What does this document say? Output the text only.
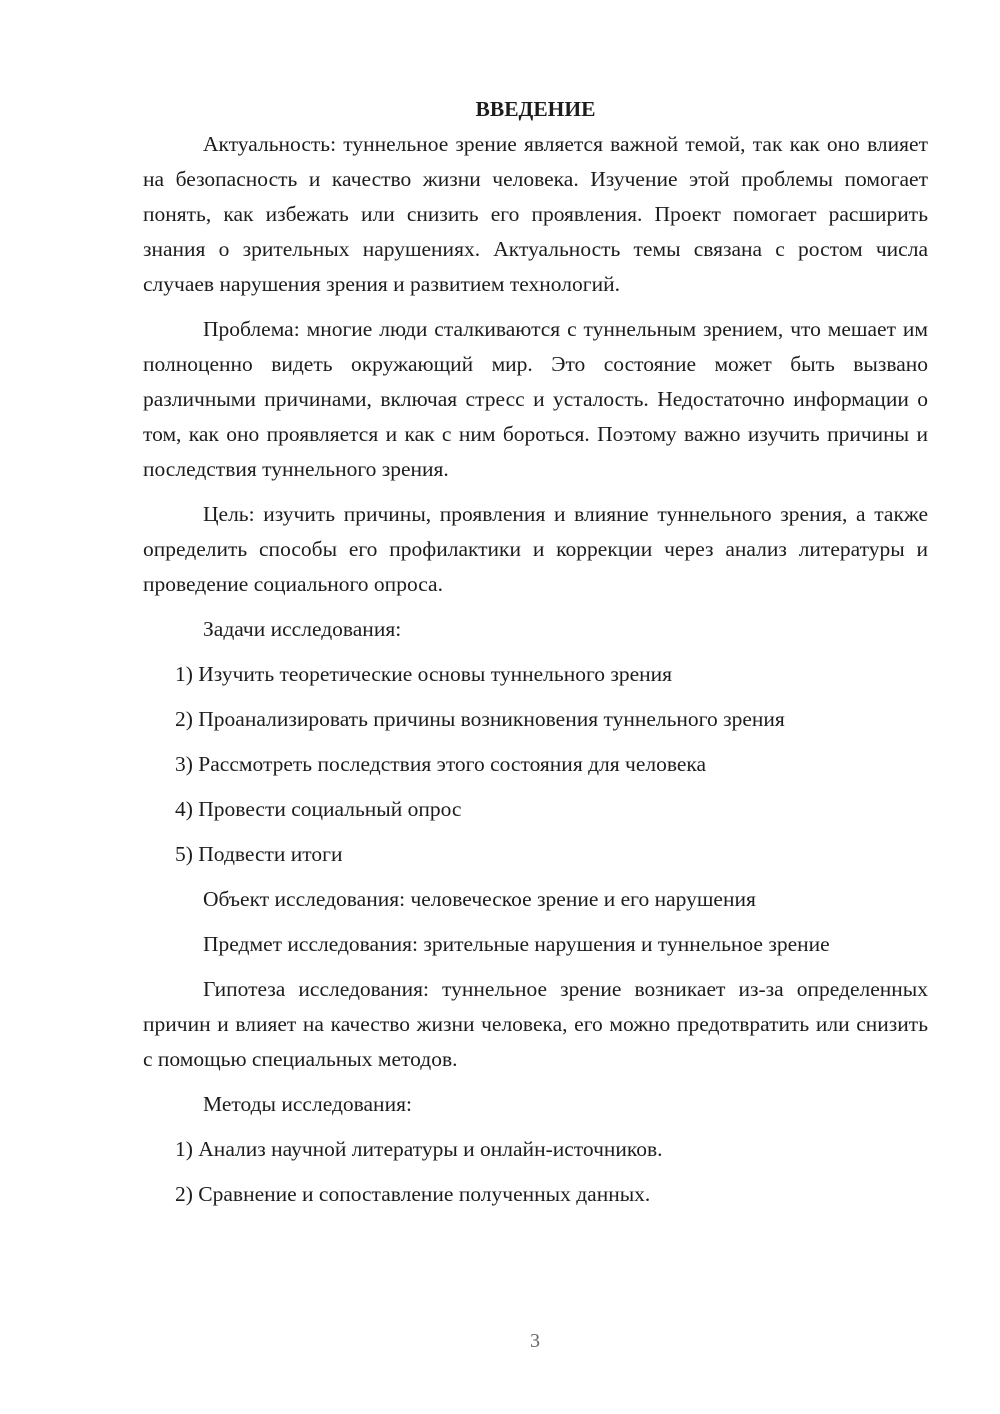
ВВЕДЕНИЕ

Актуальность: туннельное зрение является важной темой, так как оно влияет на безопасность и качество жизни человека. Изучение этой проблемы помогает понять, как избежать или снизить его проявления. Проект помогает расширить знания о зрительных нарушениях. Актуальность темы связана с ростом числа случаев нарушения зрения и развитием технологий.

Проблема: многие люди сталкиваются с туннельным зрением, что мешает им полноценно видеть окружающий мир. Это состояние может быть вызвано различными причинами, включая стресс и усталость. Недостаточно информации о том, как оно проявляется и как с ним бороться. Поэтому важно изучить причины и последствия туннельного зрения.

Цель: изучить причины, проявления и влияние туннельного зрения, а также определить способы его профилактики и коррекции через анализ литературы и проведение социального опроса.

Задачи исследования:
1) Изучить теоретические основы туннельного зрения
2) Проанализировать причины возникновения туннельного зрения
3) Рассмотреть последствия этого состояния для человека
4) Провести социальный опрос
5) Подвести итоги
Объект исследования: человеческое зрение и его нарушения
Предмет исследования: зрительные нарушения и туннельное зрение

Гипотеза исследования: туннельное зрение возникает из-за определенных причин и влияет на качество жизни человека, его можно предотвратить или снизить с помощью специальных методов.

Методы исследования:
1) Анализ научной литературы и онлайн-источников.
2) Сравнение и сопоставление полученных данных.
3
